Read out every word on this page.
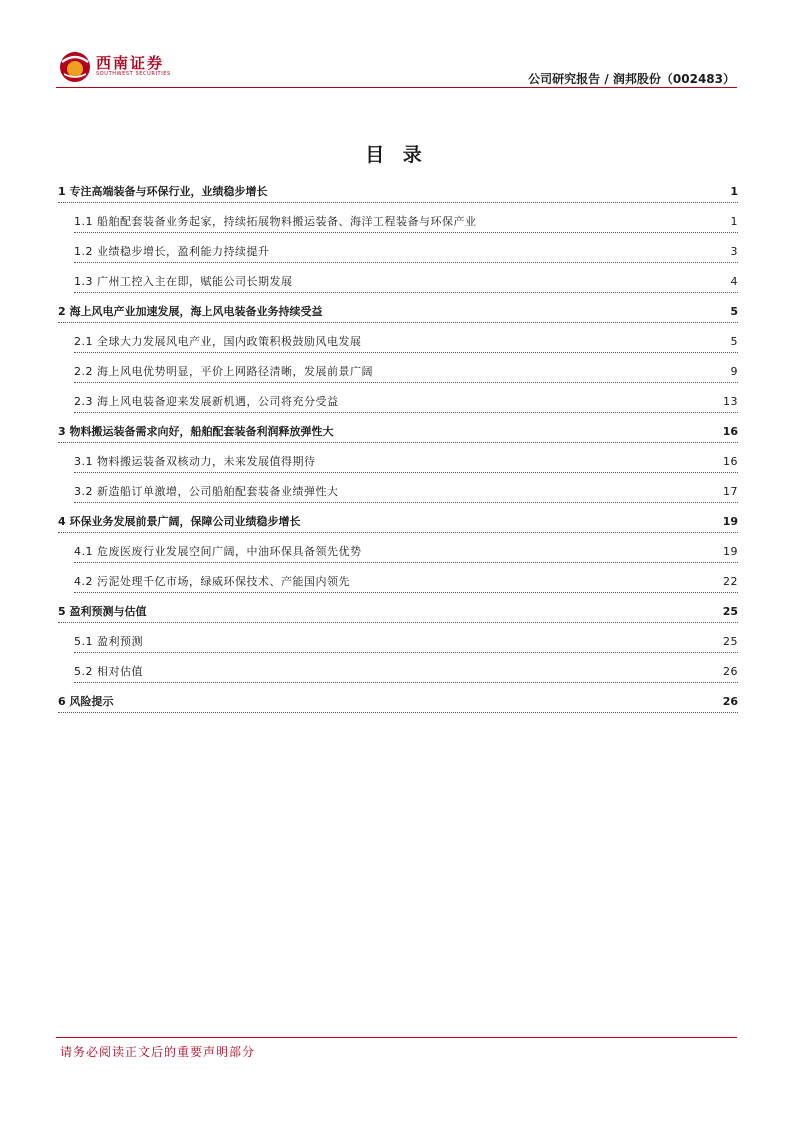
西南证券
SOUTHWEST SECURITIES	公司研究报告 / 润邦股份（002483）
目 录
1 专注高端装备与环保行业，业绩稳步增长	1
1.1 船舶配套装备业务起家，持续拓展物料搬运装备、海洋工程装备与环保产业	1
1.2 业绩稳步增长，盈利能力持续提升	3
1.3 广州工控入主在即，赋能公司长期发展	4
2 海上风电产业加速发展，海上风电装备业务持续受益	5
2.1 全球大力发展风电产业，国内政策积极鼓励风电发展	5
2.2 海上风电优势明显，平价上网路径清晰，发展前景广阔	9
2.3 海上风电装备迎来发展新机遇，公司将充分受益	13
3 物料搬运装备需求向好，船舶配套装备利润释放弹性大	16
3.1 物料搬运装备双核动力，未来发展值得期待	16
3.2 新造船订单激增，公司船舶配套装备业绩弹性大	17
4 环保业务发展前景广阔，保障公司业绩稳步增长	19
4.1 危废医废行业发展空间广阔，中油环保具备领先优势	19
4.2 污泥处理千亿市场，绿威环保技术、产能国内领先	22
5 盈利预测与估值	25
5.1 盈利预测	25
5.2 相对估值	26
6 风险提示	26
请务必阅读正文后的重要声明部分
